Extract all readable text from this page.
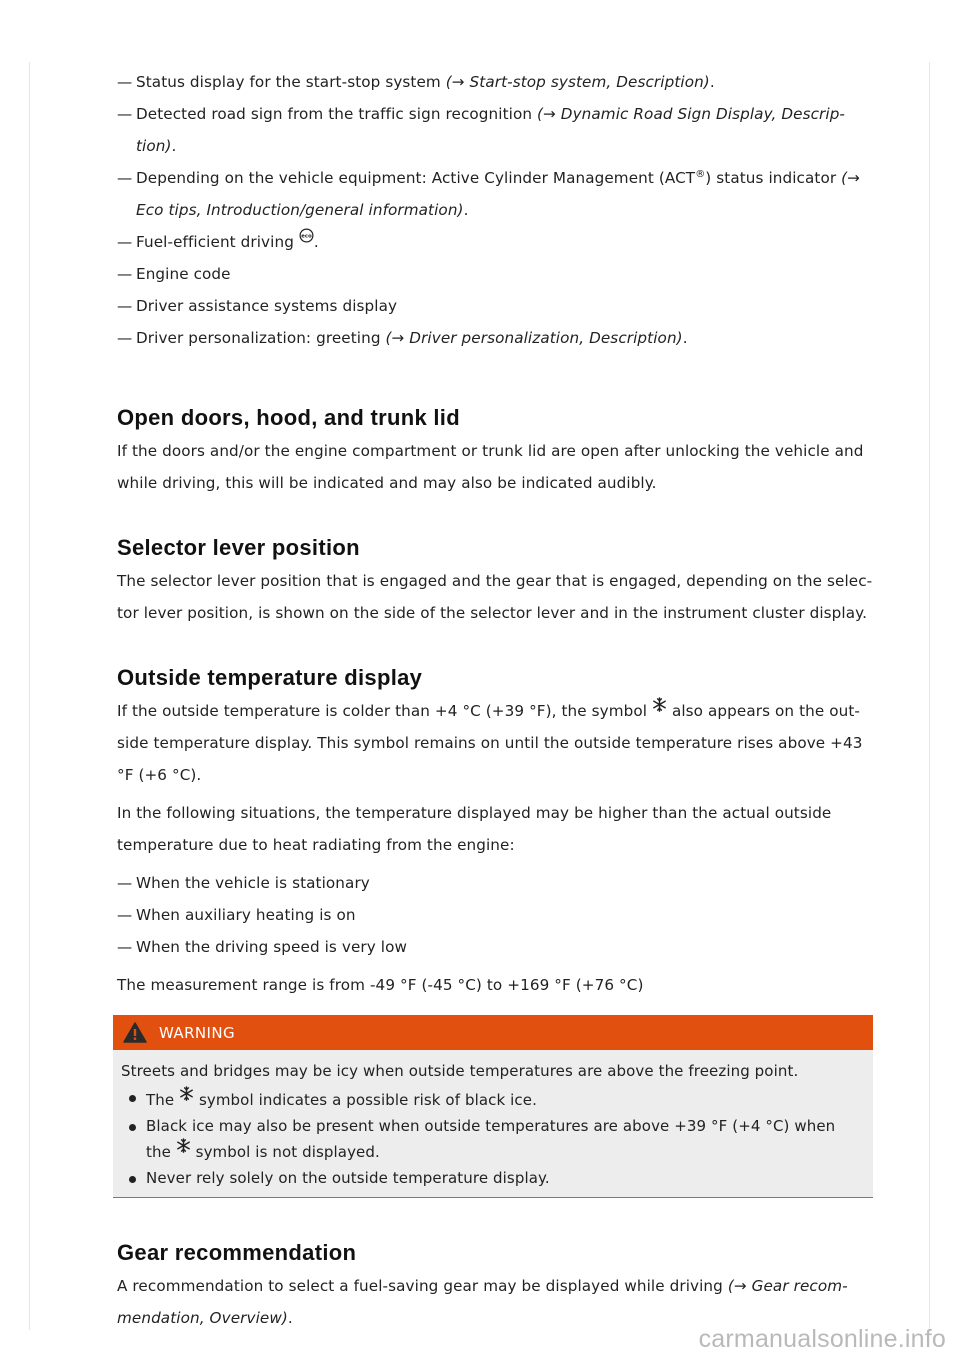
— Status display for the start-stop system (→ Start-stop system, Description).

— Detected road sign from the traffic sign recognition (→ Dynamic Road Sign Display, Descrip-tion).

— Depending on the vehicle equipment: Active Cylinder Management (ACT®) status indicator (→ Eco tips, Introduction/general information).

— Fuel-efficient driving eco .

— Engine code

— Driver assistance systems display

— Driver personalization: greeting (→ Driver personalization, Description).

Open doors, hood, and trunk lid

If the doors and/or the engine compartment or trunk lid are open after unlocking the vehicle and while driving, this will be indicated and may also be indicated audibly.

Selector lever position

The selector lever position that is engaged and the gear that is engaged, depending on the selec-tor lever position, is shown on the side of the selector lever and in the instrument cluster display.

Outside temperature display

If the outside temperature is colder than +4 °C (+39 °F), the symbol  also appears on the out-side temperature display. This symbol remains on until the outside temperature rises above +43 °F (+6 °C).

In the following situations, the temperature displayed may be higher than the actual outside temperature due to heat radiating from the engine:

— When the vehicle is stationary

— When auxiliary heating is on

— When the driving speed is very low

The measurement range is from -49 °F (-45 °C) to +169 °F (+76 °C)

WARNING

Streets and bridges may be icy when outside temperatures are above the freezing point.

The  symbol indicates a possible risk of black ice.
Black ice may also be present when outside temperatures are above +39 °F (+4 °C) when the  symbol is not displayed.
Never rely solely on the outside temperature display.
Gear recommendation

A recommendation to select a fuel-saving gear may be displayed while driving (→ Gear recom-mendation, Overview).

carmanualsonline.info
